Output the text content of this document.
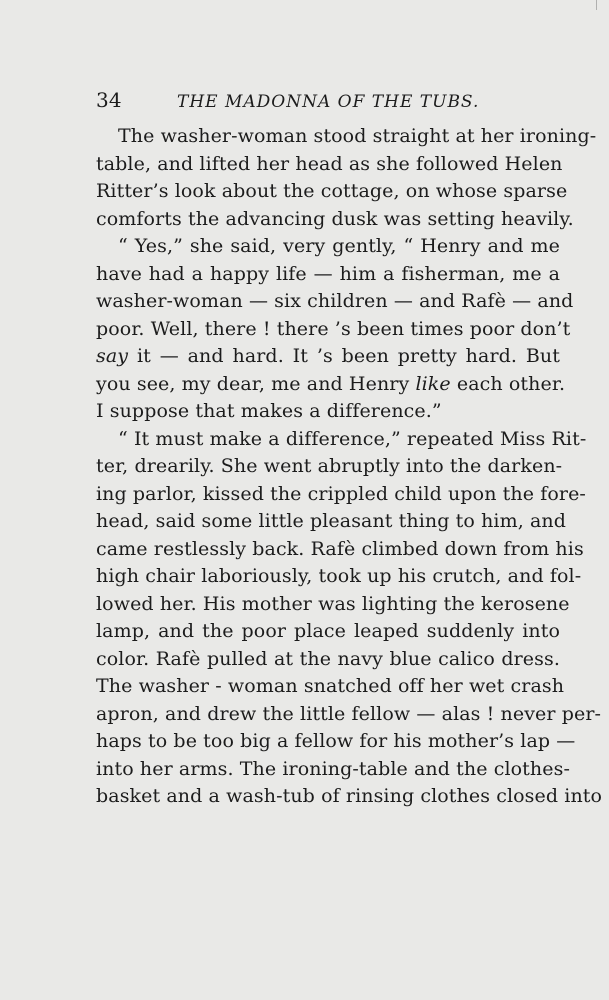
34	THE MADONNA OF THE TUBS.
The washer-woman stood straight at her ironing-
table, and lifted her head as she followed Helen
Ritter’s look about the cottage, on whose sparse
comforts the advancing dusk was setting heavily.
“ Yes,” she said, very gently, “ Henry and me
have had a happy life — him a fisherman, me a
washer-woman — six children — and Rafè — and
poor. Well, there ! there ’s been times poor don’t
say it — and hard. It ’s been pretty hard. But
you see, my dear, me and Henry like each other.
I suppose that makes a difference.”
“ It must make a difference,” repeated Miss Rit-
ter, drearily. She went abruptly into the darken-
ing parlor, kissed the crippled child upon the fore-
head, said some little pleasant thing to him, and
came restlessly back. Rafè climbed down from his
high chair laboriously, took up his crutch, and fol-
lowed her. His mother was lighting the kerosene
lamp, and the poor place leaped suddenly into
color. Rafè pulled at the navy blue calico dress.
The washer - woman snatched off her wet crash
apron, and drew the little fellow — alas ! never per-
haps to be too big a fellow for his mother’s lap —
into her arms. The ironing-table and the clothes-
basket and a wash-tub of rinsing clothes closed into
